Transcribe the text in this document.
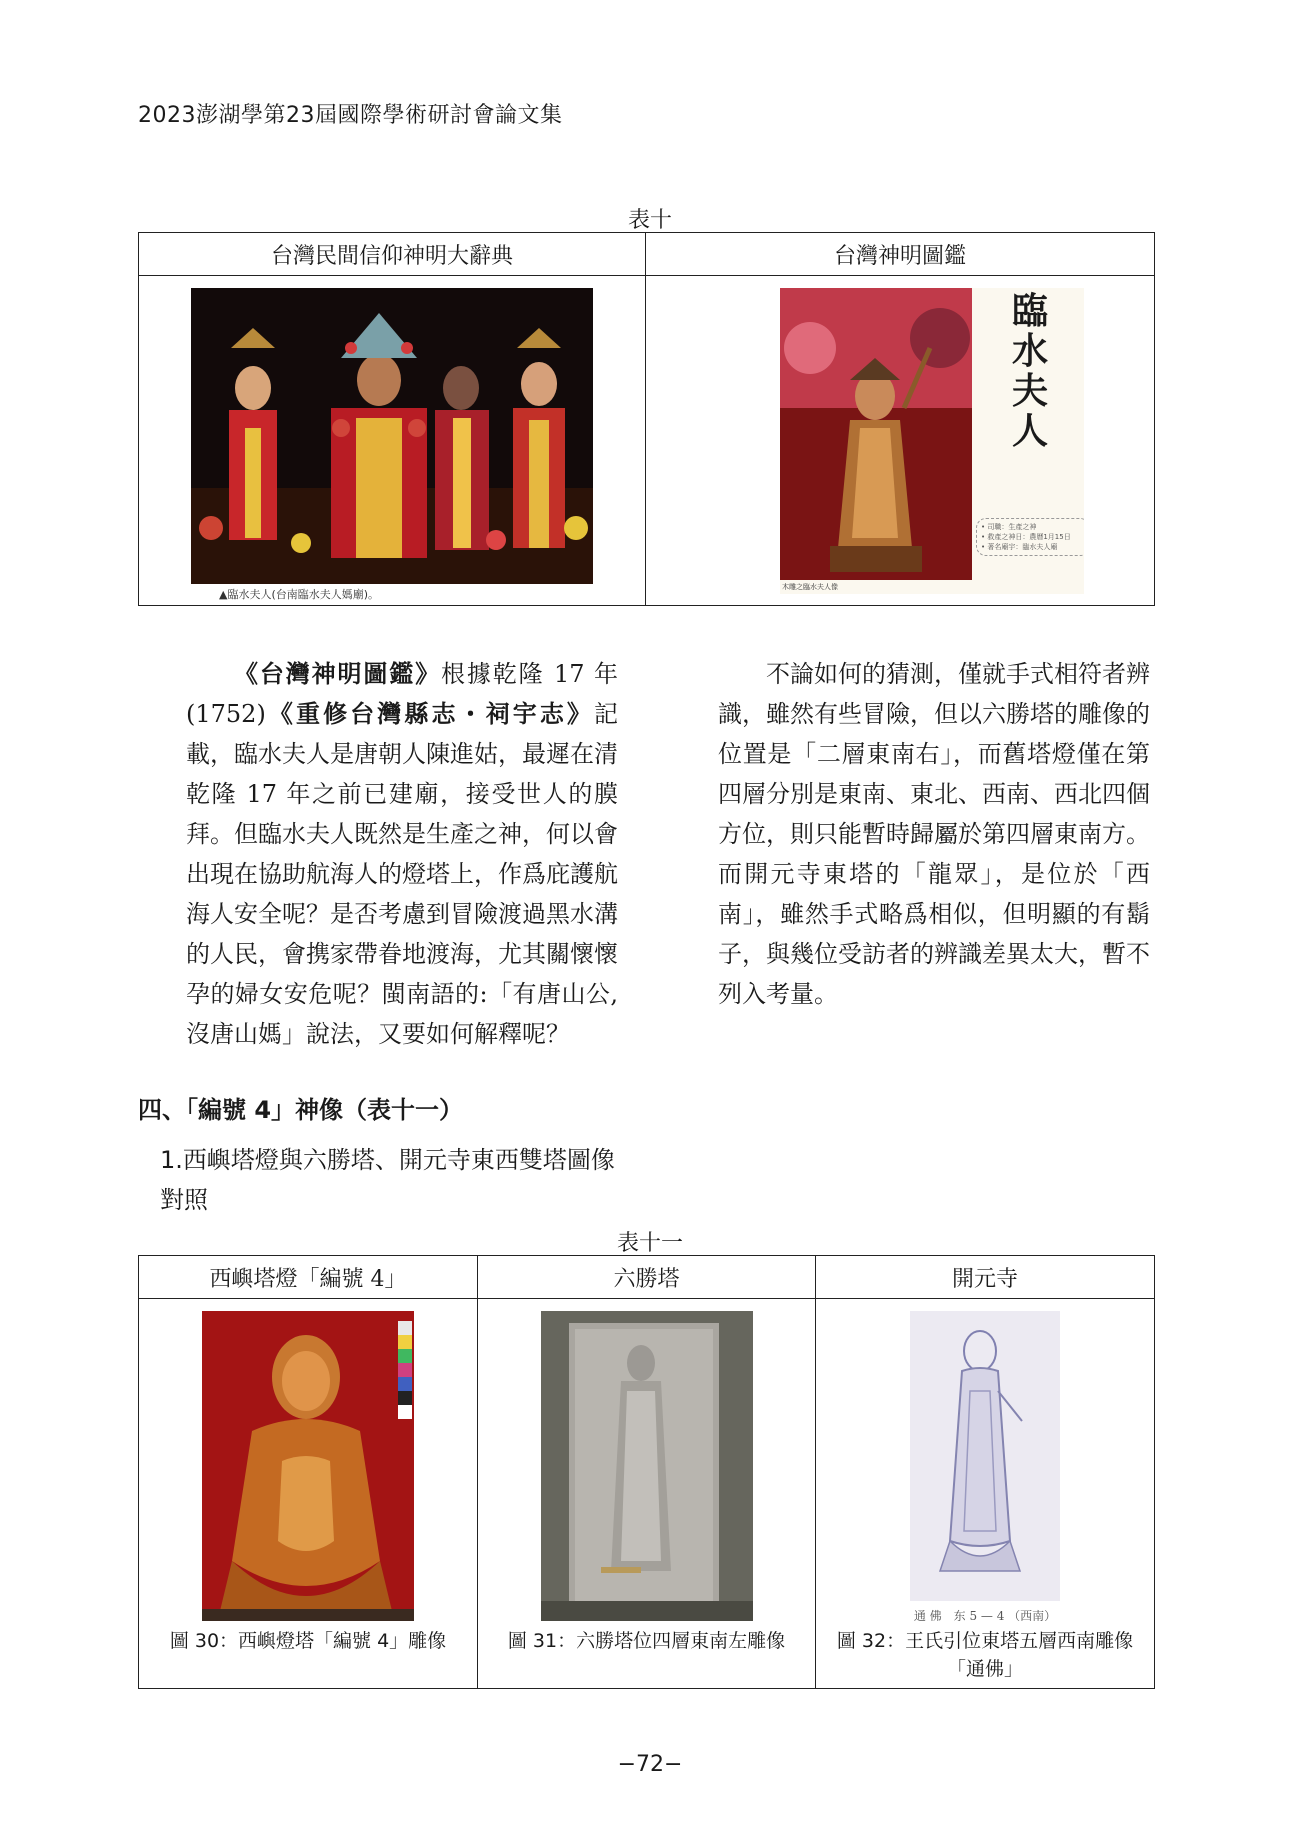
2023澎湖學第23屆國際學術研討會論文集
表十
台灣民間信仰神明大辭典	台灣神明圖鑑

▲臨水夫人(台南臨水夫人媽廟)。	臨水夫人
• 司職：生產之神
• 救產之神日：農曆1月15日
• 著名廟宇：臨水夫人廟
木雕之臨水夫人像

《台灣神明圖鑑》根據乾隆 17 年(1752)《重修台灣縣志・祠宇志》記載，臨水夫人是唐朝人陳進姑，最遲在清乾隆 17 年之前已建廟，接受世人的膜拜。但臨水夫人既然是生產之神，何以會出現在協助航海人的燈塔上，作爲庇護航海人安全呢？是否考慮到冒險渡過黑水溝的人民，會携家帶眷地渡海，尤其關懷懷孕的婦女安危呢？閩南語的:「有唐山公,沒唐山媽」說法，又要如何解釋呢？

不論如何的猜測，僅就手式相符者辨識，雖然有些冒險，但以六勝塔的雕像的位置是「二層東南右」，而舊塔燈僅在第四層分別是東南、東北、西南、西北四個方位，則只能暫時歸屬於第四層東南方。而開元寺東塔的「龍眾」，是位於「西南」，雖然手式略爲相似，但明顯的有鬍子，與幾位受訪者的辨識差異太大，暫不列入考量。

四、「編號 4」神像（表十一）
1.西嶼塔燈與六勝塔、開元寺東西雙塔圖像對照
表十一
西嶼塔燈「編號 4」	六勝塔	開元寺

圖 30：西嶼燈塔「編號 4」雕像	圖 31：六勝塔位四層東南左雕像	通 佛　东 5 — 4 （西南）
圖 32：王氏引位東塔五層西南雕像「通佛」
−72−
